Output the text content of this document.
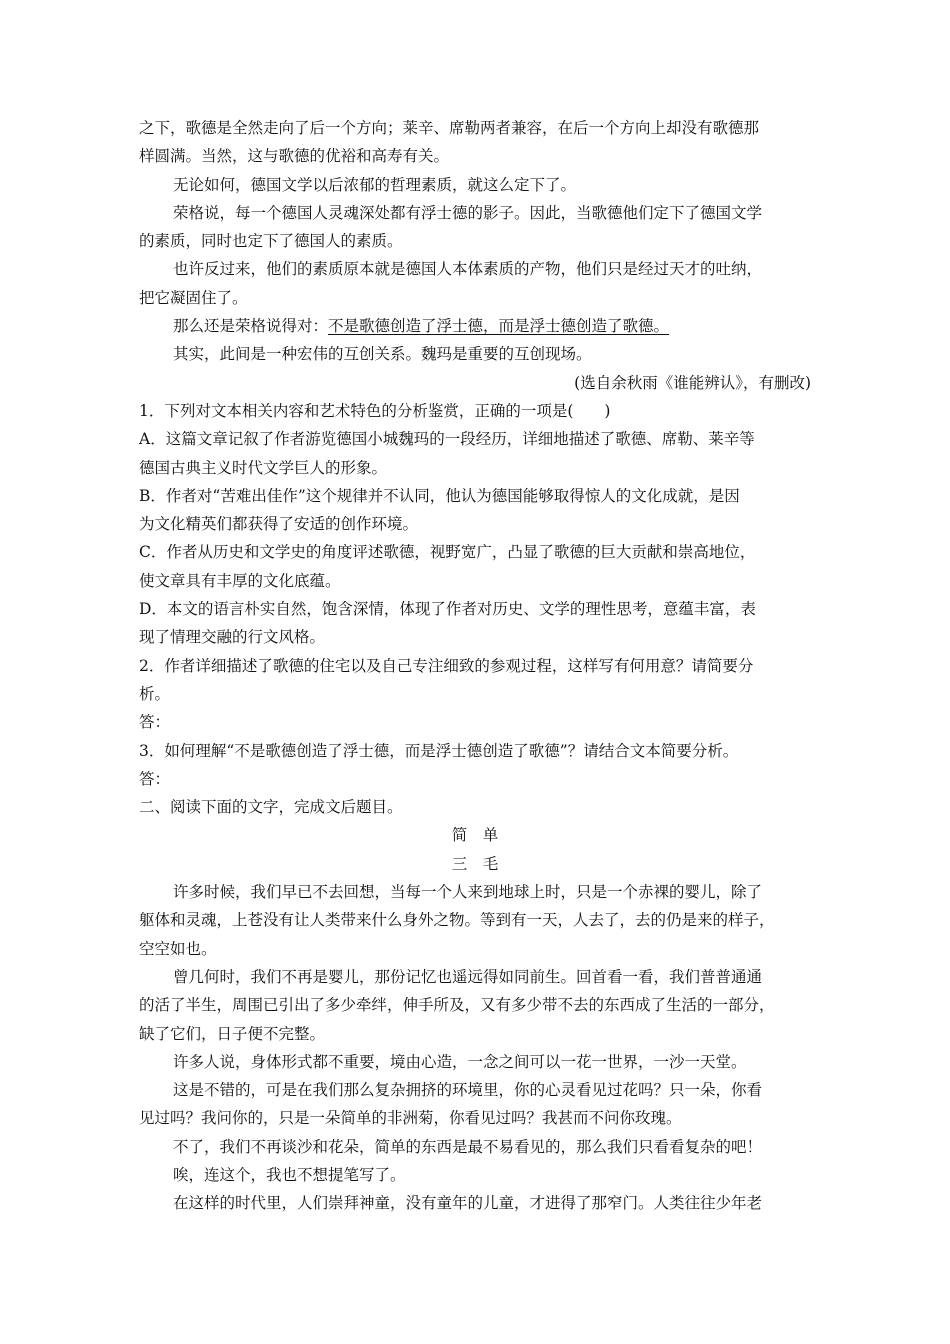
之下，歌德是全然走向了后一个方向；莱辛、席勒两者兼容，在后一个方向上却没有歌德那
样圆满。当然，这与歌德的优裕和高寿有关。
无论如何，德国文学以后浓郁的哲理素质，就这么定下了。
荣格说，每一个德国人灵魂深处都有浮士德的影子。因此，当歌德他们定下了德国文学
的素质，同时也定下了德国人的素质。
也许反过来，他们的素质原本就是德国人本体素质的产物，他们只是经过天才的吐纳，
把它凝固住了。
那么还是荣格说得对：不是歌德创造了浮士德，而是浮士德创造了歌德。
其实，此间是一种宏伟的互创关系。魏玛是重要的互创现场。
(选自余秋雨《谁能辨认》，有删改)
1．下列对文本相关内容和艺术特色的分析鉴赏，正确的一项是(　　)
A．这篇文章记叙了作者游览德国小城魏玛的一段经历，详细地描述了歌德、席勒、莱辛等
德国古典主义时代文学巨人的形象。
B．作者对“苦难出佳作”这个规律并不认同，他认为德国能够取得惊人的文化成就，是因
为文化精英们都获得了安适的创作环境。
C．作者从历史和文学史的角度评述歌德，视野宽广，凸显了歌德的巨大贡献和崇高地位，
使文章具有丰厚的文化底蕴。
D．本文的语言朴实自然，饱含深情，体现了作者对历史、文学的理性思考，意蕴丰富，表
现了情理交融的行文风格。
2．作者详细描述了歌德的住宅以及自己专注细致的参观过程，这样写有何用意？请简要分
析。
答：
3．如何理解“不是歌德创造了浮士德，而是浮士德创造了歌德”？请结合文本简要分析。
答：
二、阅读下面的文字，完成文后题目。
简　单
三　毛
许多时候，我们早已不去回想，当每一个人来到地球上时，只是一个赤裸的婴儿，除了
躯体和灵魂，上苍没有让人类带来什么身外之物。等到有一天，人去了，去的仍是来的样子，
空空如也。
曾几何时，我们不再是婴儿，那份记忆也遥远得如同前生。回首看一看，我们普普通通
的活了半生，周围已引出了多少牵绊，伸手所及，又有多少带不去的东西成了生活的一部分，
缺了它们，日子便不完整。
许多人说，身体形式都不重要，境由心造，一念之间可以一花一世界，一沙一天堂。
这是不错的，可是在我们那么复杂拥挤的环境里，你的心灵看见过花吗？只一朵，你看
见过吗？我问你的，只是一朵简单的非洲菊，你看见过吗？我甚而不问你玫瑰。
不了，我们不再谈沙和花朵，简单的东西是最不易看见的，那么我们只看看复杂的吧！
唉，连这个，我也不想提笔写了。
在这样的时代里，人们崇拜神童，没有童年的儿童，才进得了那窄门。人类往往少年老
